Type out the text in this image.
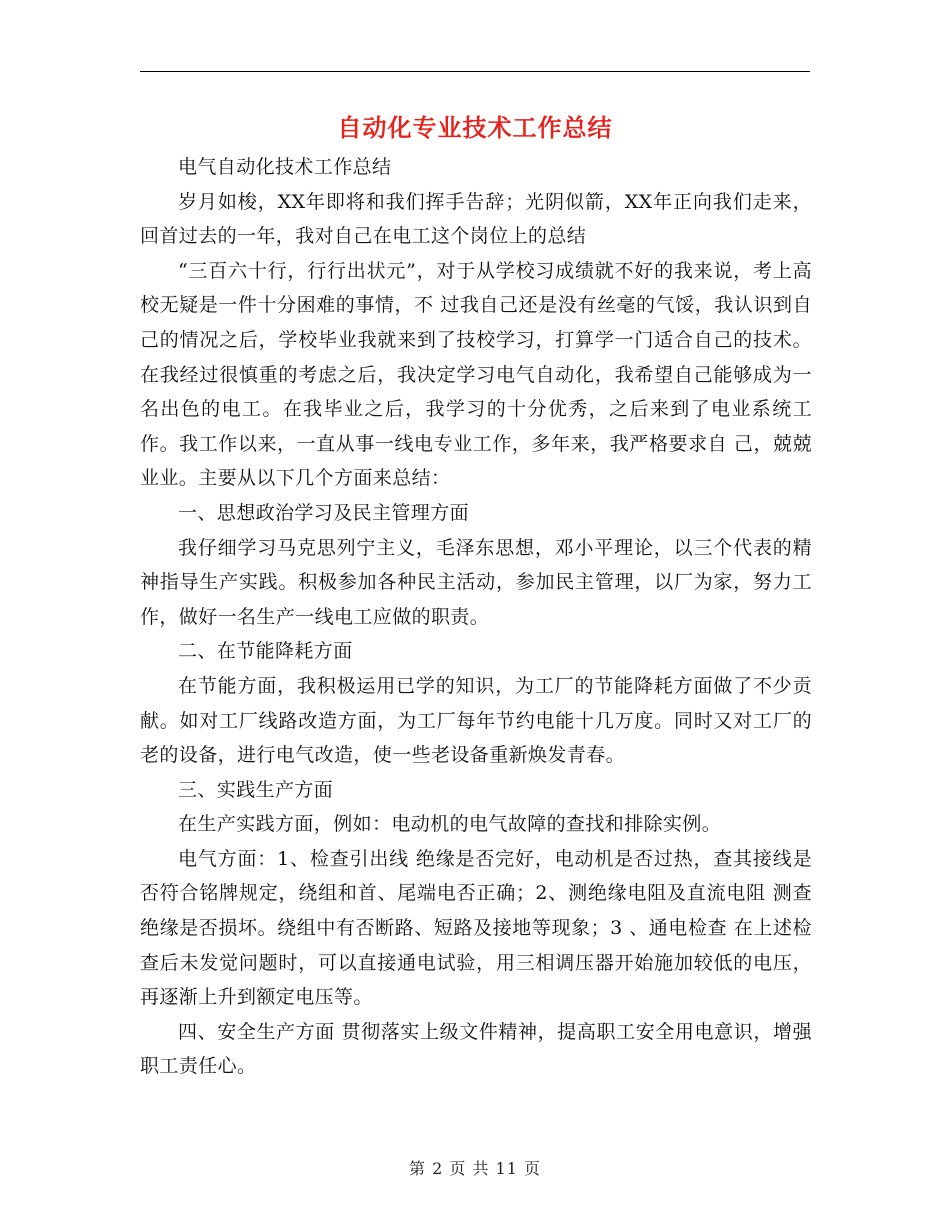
自动化专业技术工作总结

电气自动化技术工作总结

岁月如梭，XX年即将和我们挥手告辞；光阴似箭，XX年正向我们走来，回首过去的一年，我对自己在电工这个岗位上的总结

“三百六十行，行行出状元”，对于从学校习成绩就不好的我来说，考上高校无疑是一件十分困难的事情，不 过我自己还是没有丝毫的气馁，我认识到自己的情况之后，学校毕业我就来到了技校学习，打算学一门适合自己的技术。在我经过很慎重的考虑之后，我决定学习电气自动化，我希望自己能够成为一名出色的电工。在我毕业之后，我学习的十分优秀，之后来到了电业系统工作。我工作以来，一直从事一线电专业工作，多年来，我严格要求自 己，兢兢业业。主要从以下几个方面来总结：

一、思想政治学习及民主管理方面

我仔细学习马克思列宁主义，毛泽东思想，邓小平理论，以三个代表的精神指导生产实践。积极参加各种民主活动，参加民主管理，以厂为家，努力工作，做好一名生产一线电工应做的职责。

二、在节能降耗方面

在节能方面，我积极运用已学的知识，为工厂的节能降耗方面做了不少贡献。如对工厂线路改造方面，为工厂每年节约电能十几万度。同时又对工厂的老的设备，进行电气改造，使一些老设备重新焕发青春。

三、实践生产方面

在生产实践方面，例如：电动机的电气故障的查找和排除实例。

电气方面：1、检查引出线 绝缘是否完好，电动机是否过热，查其接线是否符合铭牌规定，绕组和首、尾端电否正确；2、测绝缘电阻及直流电阻 测查绝缘是否损坏。绕组中有否断路、短路及接地等现象；3 、通电检查 在上述检查后未发觉问题时，可以直接通电试验，用三相调压器开始施加较低的电压，再逐渐上升到额定电压等。

四、安全生产方面 贯彻落实上级文件精神，提高职工安全用电意识，增强职工责任心。

第 2 页 共 11 页
